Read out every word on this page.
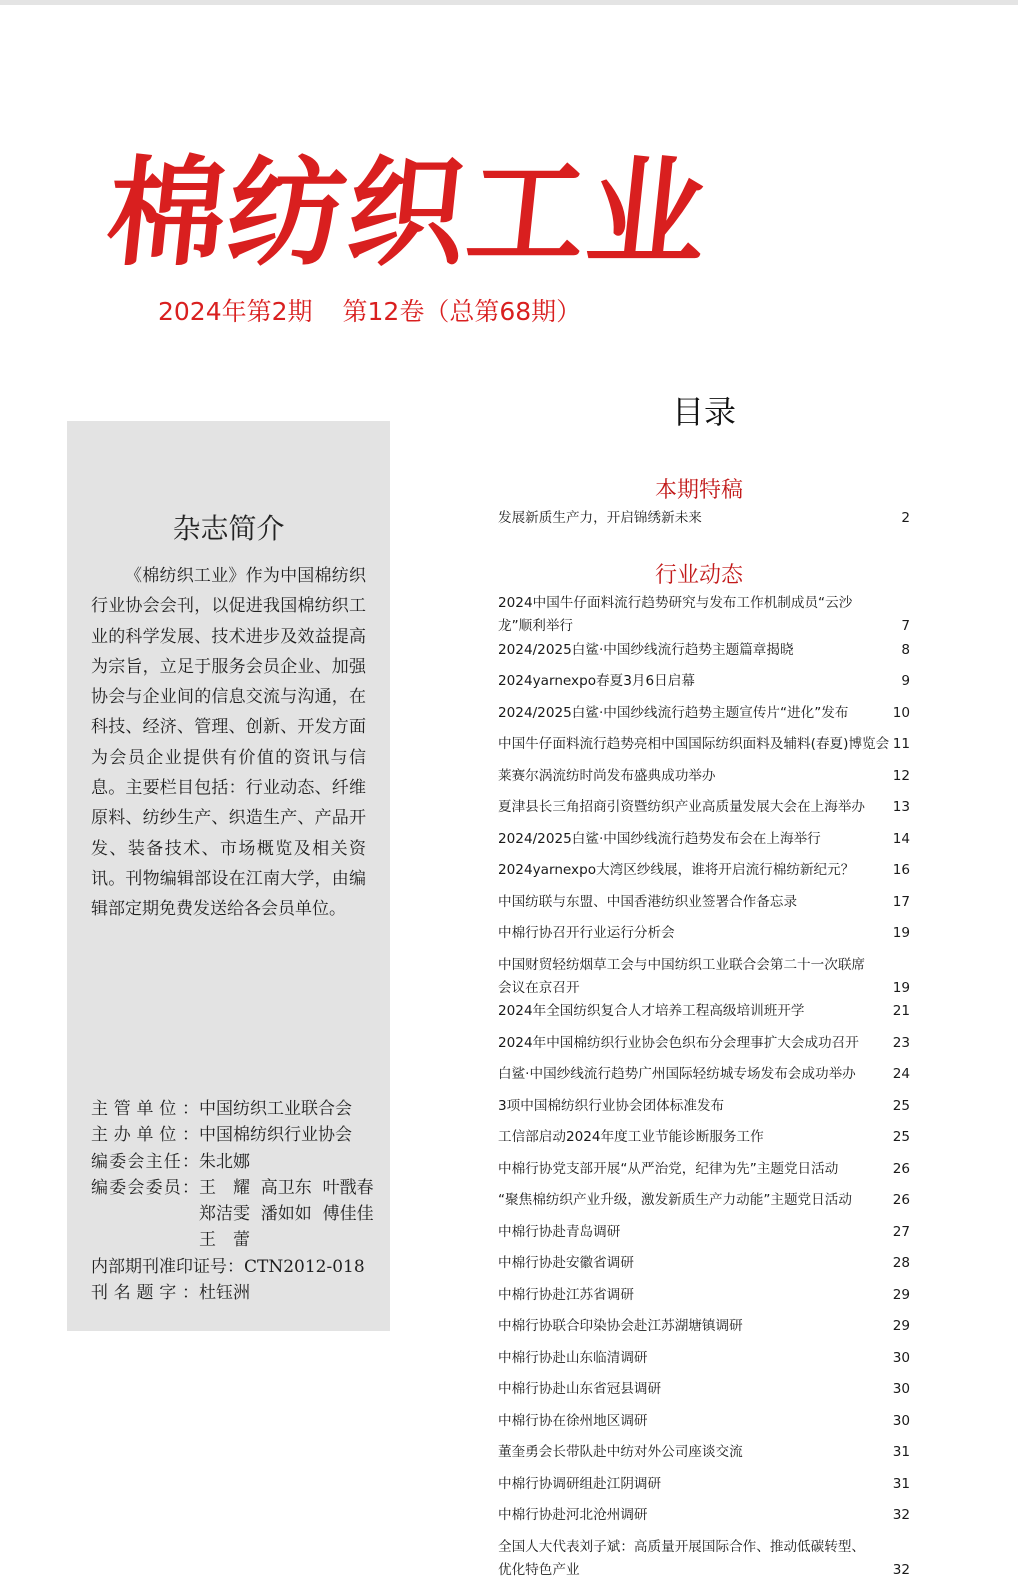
棉纺织工业
2024年第2期 第12卷（总第68期）
杂志简介
《棉纺织工业》作为中国棉纺织行业协会会刊，以促进我国棉纺织工业的科学发展、技术进步及效益提高为宗旨，立足于服务会员企业、加强协会与企业间的信息交流与沟通，在科技、经济、管理、创新、开发方面为会员企业提供有价值的资讯与信息。主要栏目包括：行业动态、纤维原料、纺纱生产、织造生产、产品开发、装备技术、市场概览及相关资讯。刊物编辑部设在江南大学，由编辑部定期免费发送给各会员单位。
主管单位： 中国纺织工业联合会
主办单位： 中国棉纺织行业协会
编委会主任： 朱北娜
编委会委员： 王　耀  高卫东  叶戬春
郑洁雯  潘如如  傅佳佳
王　蕾
内部期刊准印证号：CTN2012-018
刊名题字： 杜钰洲
目录
本期特稿
发展新质生产力，开启锦绣新未来	2
行业动态
2024中国牛仔面料流行趋势研究与发布工作机制成员“云沙
龙”顺利举行	7
2024/2025白鲨·中国纱线流行趋势主题篇章揭晓	8
2024yarnexpo春夏3月6日启幕	9
2024/2025白鲨·中国纱线流行趋势主题宣传片“进化”发布	10
中国牛仔面料流行趋势亮相中国国际纺织面料及辅料(春夏)博览会 11
莱赛尔涡流纺时尚发布盛典成功举办	12
夏津县长三角招商引资暨纺织产业高质量发展大会在上海举办 13
2024/2025白鲨·中国纱线流行趋势发布会在上海举行	14
2024yarnexpo大湾区纱线展，谁将开启流行棉纺新纪元？	16
中国纺联与东盟、中国香港纺织业签署合作备忘录	17
中棉行协召开行业运行分析会	19
中国财贸轻纺烟草工会与中国纺织工业联合会第二十一次联席
会议在京召开	19
2024年全国纺织复合人才培养工程高级培训班开学	21
2024年中国棉纺织行业协会色织布分会理事扩大会成功召开 23
白鲨·中国纱线流行趋势广州国际轻纺城专场发布会成功举办	24
3项中国棉纺织行业协会团体标准发布	25
工信部启动2024年度工业节能诊断服务工作	25
中棉行协党支部开展“从严治党，纪律为先”主题党日活动	26
“聚焦棉纺织产业升级，激发新质生产力动能”主题党日活动	26
中棉行协赴青岛调研	27
中棉行协赴安徽省调研	28
中棉行协赴江苏省调研	29
中棉行协联合印染协会赴江苏湖塘镇调研	29
中棉行协赴山东临清调研	30
中棉行协赴山东省冠县调研	30
中棉行协在徐州地区调研	30
董奎勇会长带队赴中纺对外公司座谈交流	31
中棉行协调研组赴江阴调研	31
中棉行协赴河北沧州调研	32
全国人大代表刘子斌：高质量开展国际合作、推动低碳转型、
优化特色产业	32
